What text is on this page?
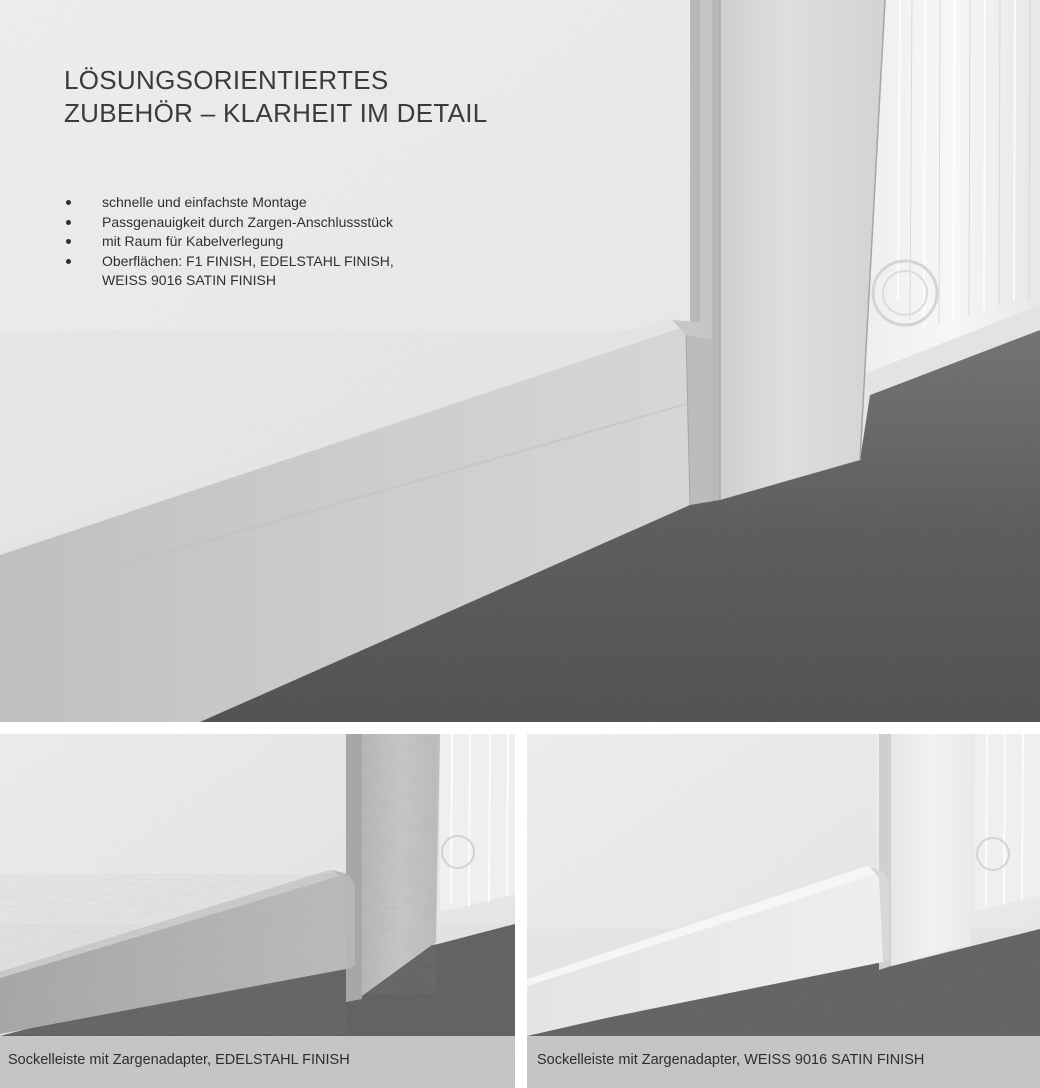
LÖSUNGSORIENTIERTES
ZUBEHÖR – KLARHEIT IM DETAIL
schnelle und einfachste Montage
Passgenauigkeit durch Zargen-Anschlussstück
mit Raum für Kabelverlegung
Oberflächen: F1 FINISH, EDELSTAHL FINISH,
WEISS 9016 SATIN FINISH
Sockelleiste mit Zargenadapter, EDELSTAHL FINISH	Sockelleiste mit Zargenadapter, WEISS 9016 SATIN FINISH
